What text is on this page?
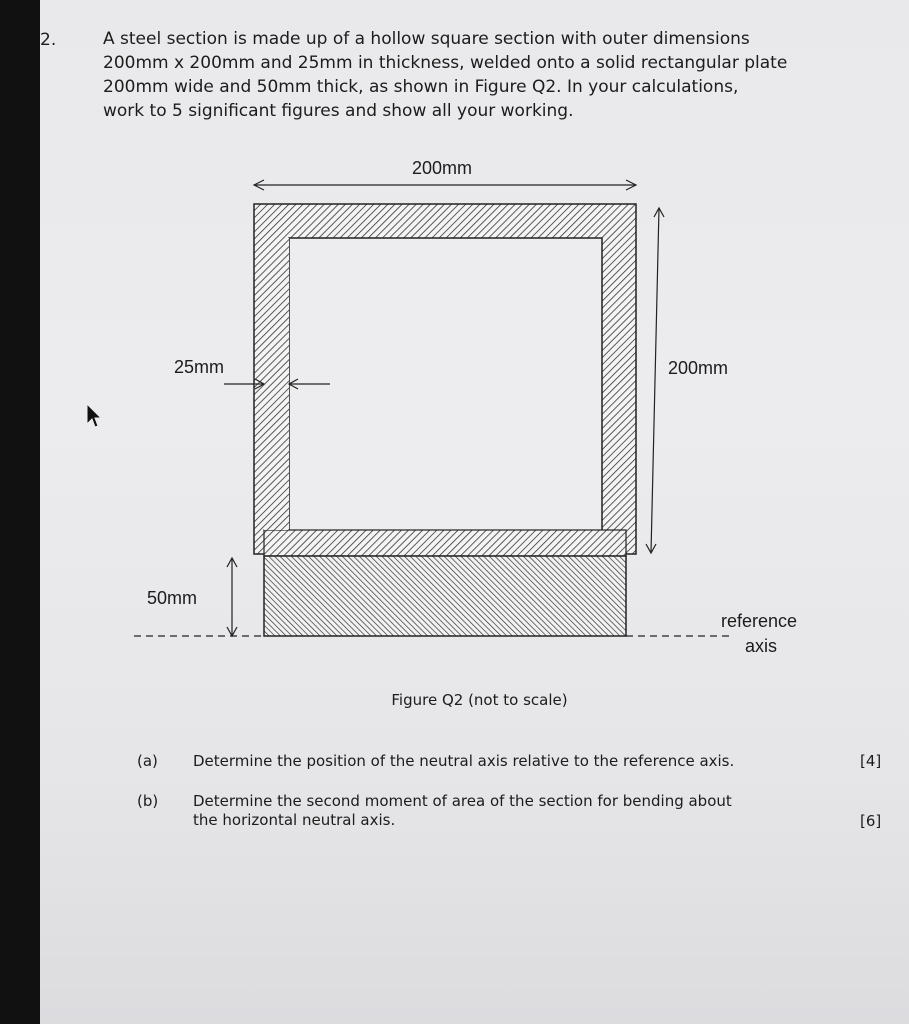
2.	A steel section is made up of a hollow square section with outer dimensions
200mm x 200mm and 25mm in thickness, welded onto a solid rectangular plate
200mm wide and 50mm thick, as shown in Figure Q2. In your calculations,
work to 5 significant figures and show all your working.

200mm
200mm
25mm
50mm
reference
axis
Figure Q2 (not to scale)
(a) Determine the position of the neutral axis relative to the reference axis.	[4]
(b) Determine the second moment of area of the section for bending about
the horizontal neutral axis.	[6]
